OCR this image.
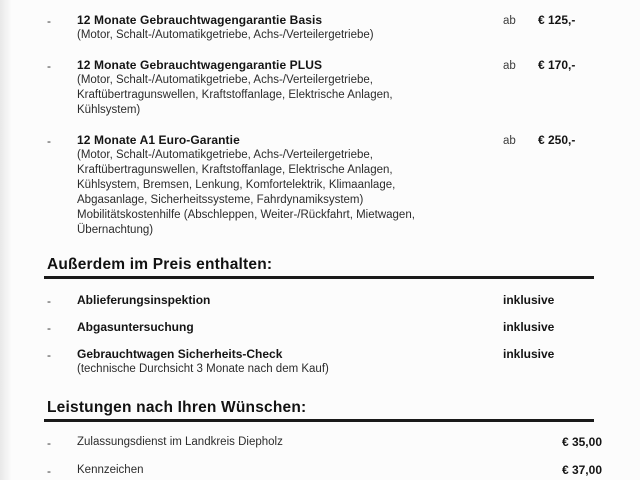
- 12 Monate Gebrauchtwagengarantie Basis
(Motor, Schalt-/Automatikgetriebe, Achs-/Verteilergetriebe)
ab € 125,-
- 12 Monate Gebrauchtwagengarantie PLUS
(Motor, Schalt-/Automatikgetriebe, Achs-/Verteilergetriebe,
Kraftübertragunswellen, Kraftstoffanlage, Elektrische Anlagen,
Kühlsystem)
ab € 170,-
- 12 Monate A1 Euro-Garantie
(Motor, Schalt-/Automatikgetriebe, Achs-/Verteilergetriebe,
Kraftübertragunswellen, Kraftstoffanlage, Elektrische Anlagen,
Kühlsystem, Bremsen, Lenkung, Komfortelektrik, Klimaanlage,
Abgasanlage, Sicherheitssysteme, Fahrdynamiksystem)
Mobilitätskostenhilfe (Abschleppen, Weiter-/Rückfahrt, Mietwagen,
Übernachtung)
ab € 250,-
Außerdem im Preis enthalten:
- Ablieferungsinspektion	inklusive
- Abgasuntersuchung	inklusive
- Gebrauchtwagen Sicherheits-Check
(technische Durchsicht 3 Monate nach dem Kauf)
inklusive
Leistungen nach Ihren Wünschen:
- Zulassungsdienst im Landkreis Diepholz	€ 35,00
- Kennzeichen	€ 37,00
